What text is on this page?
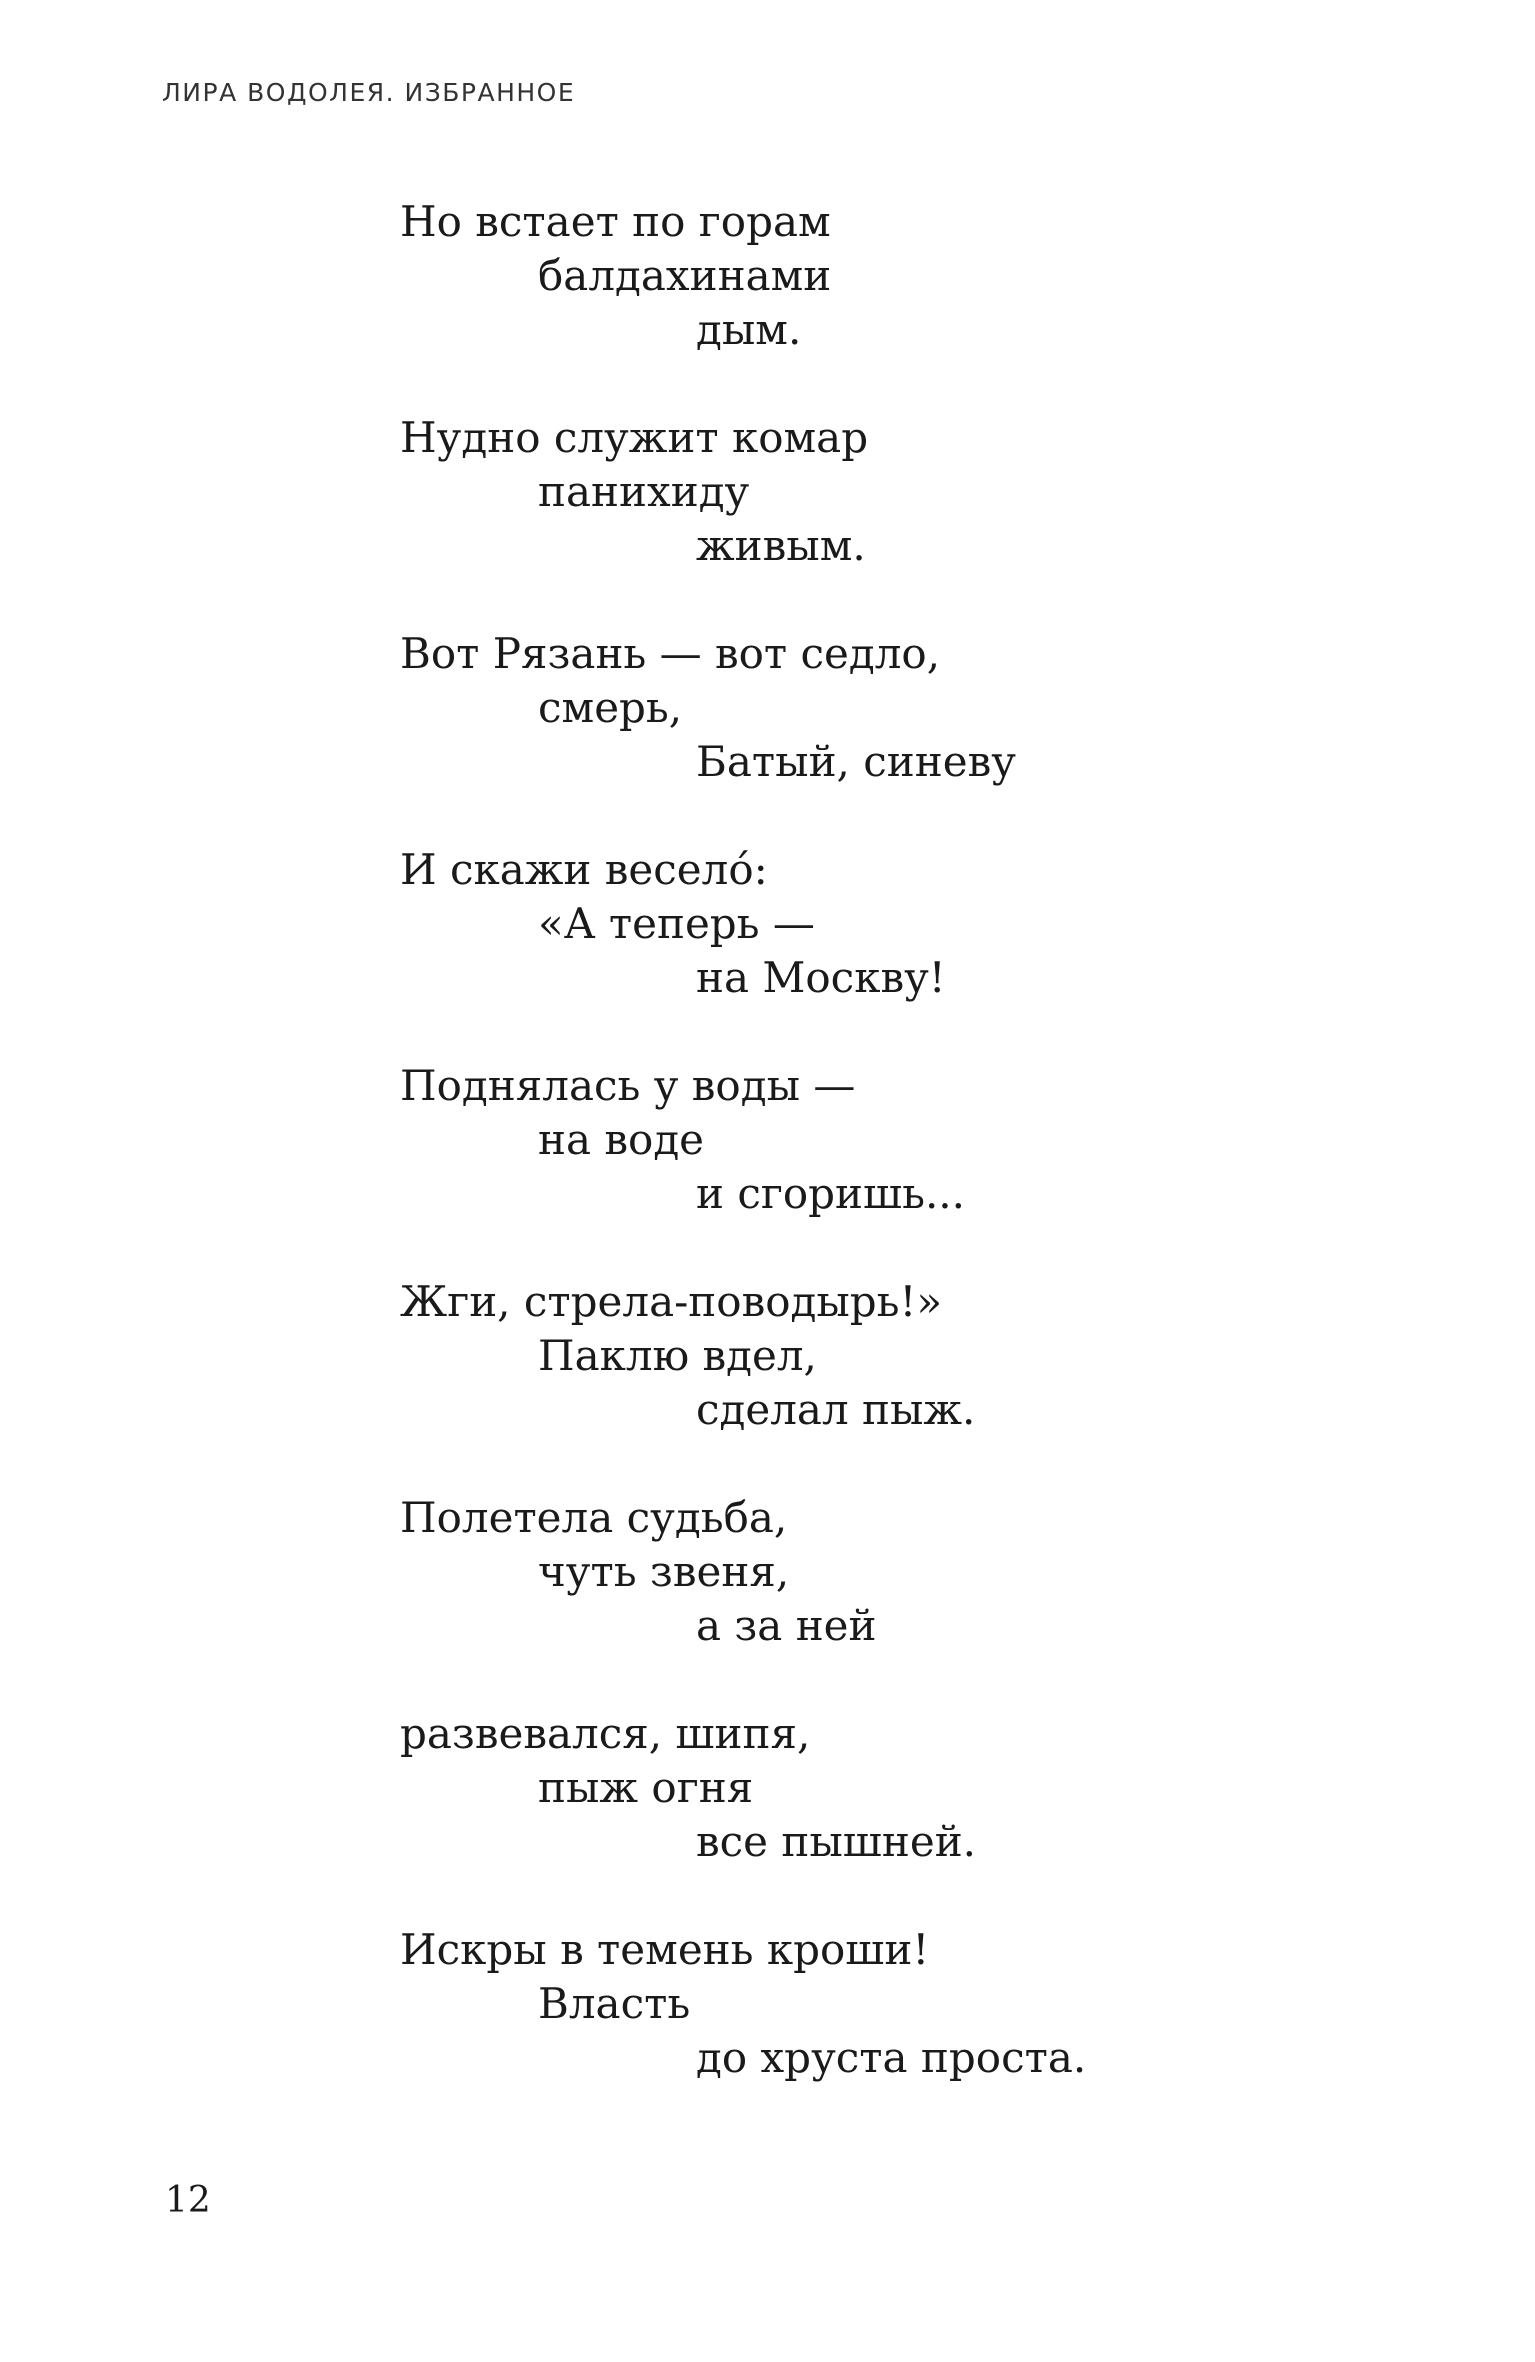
ЛИРА ВОДОЛЕЯ. ИЗБРАННОЕ
Но встает по горам
балдахинами
дым.
Нудно служит комар
панихиду
живым.
Вот Рязань — вот седло,
смерь,
Батый, синеву
И скажи весело́:
«А теперь —
на Москву!
Поднялась у воды —
на воде
и сгоришь...
Жги, стрела-поводырь!»
Паклю вдел,
сделал пыж.
Полетела судьба,
чуть звеня,
а за ней
развевался, шипя,
пыж огня
все пышней.
Искры в темень кроши!
Власть
до хруста проста.
12
